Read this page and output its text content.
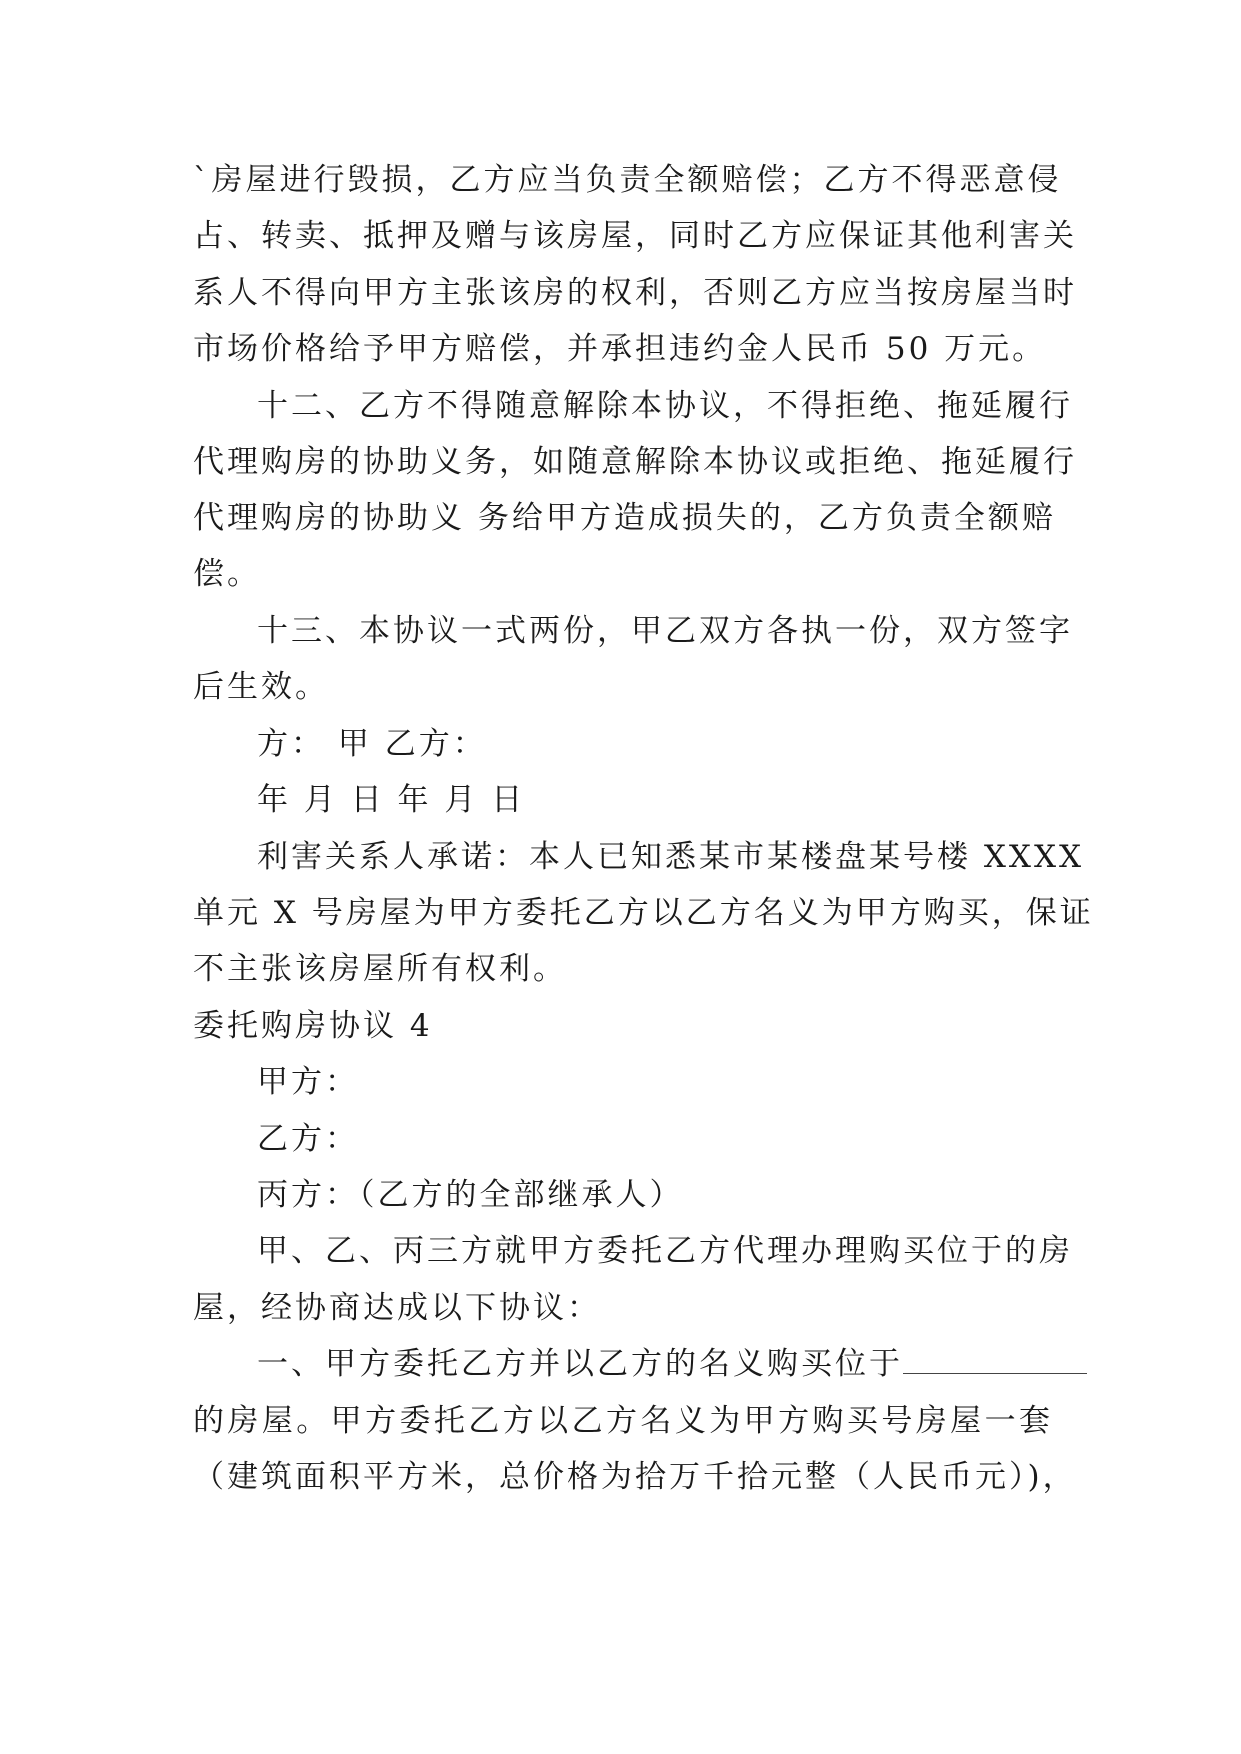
`房屋进行毁损，乙方应当负责全额赔偿；乙方不得恶意侵
占、转卖、抵押及赠与该房屋，同时乙方应保证其他利害关
系人不得向甲方主张该房的权利，否则乙方应当按房屋当时
市场价格给予甲方赔偿，并承担违约金人民币 50 万元。
十二、乙方不得随意解除本协议，不得拒绝、拖延履行
代理购房的协助义务，如随意解除本协议或拒绝、拖延履行
代理购房的协助义 务给甲方造成损失的，乙方负责全额赔
偿。
十三、本协议一式两份，甲乙双方各执一份，双方签字
后生效。
方： 甲 乙方：
年 月 日 年 月 日
利害关系人承诺：本人已知悉某市某楼盘某号楼 XXXX
单元 X 号房屋为甲方委托乙方以乙方名义为甲方购买，保证
不主张该房屋所有权利。
委托购房协议 4
甲方：
乙方：
丙方：（乙方的全部继承人）
甲、乙、丙三方就甲方委托乙方代理办理购买位于的房
屋，经协商达成以下协议：
一、甲方委托乙方并以乙方的名义购买位于
的房屋。甲方委托乙方以乙方名义为甲方购买号房屋一套
（建筑面积平方米，总价格为拾万千拾元整（人民币元）)，
